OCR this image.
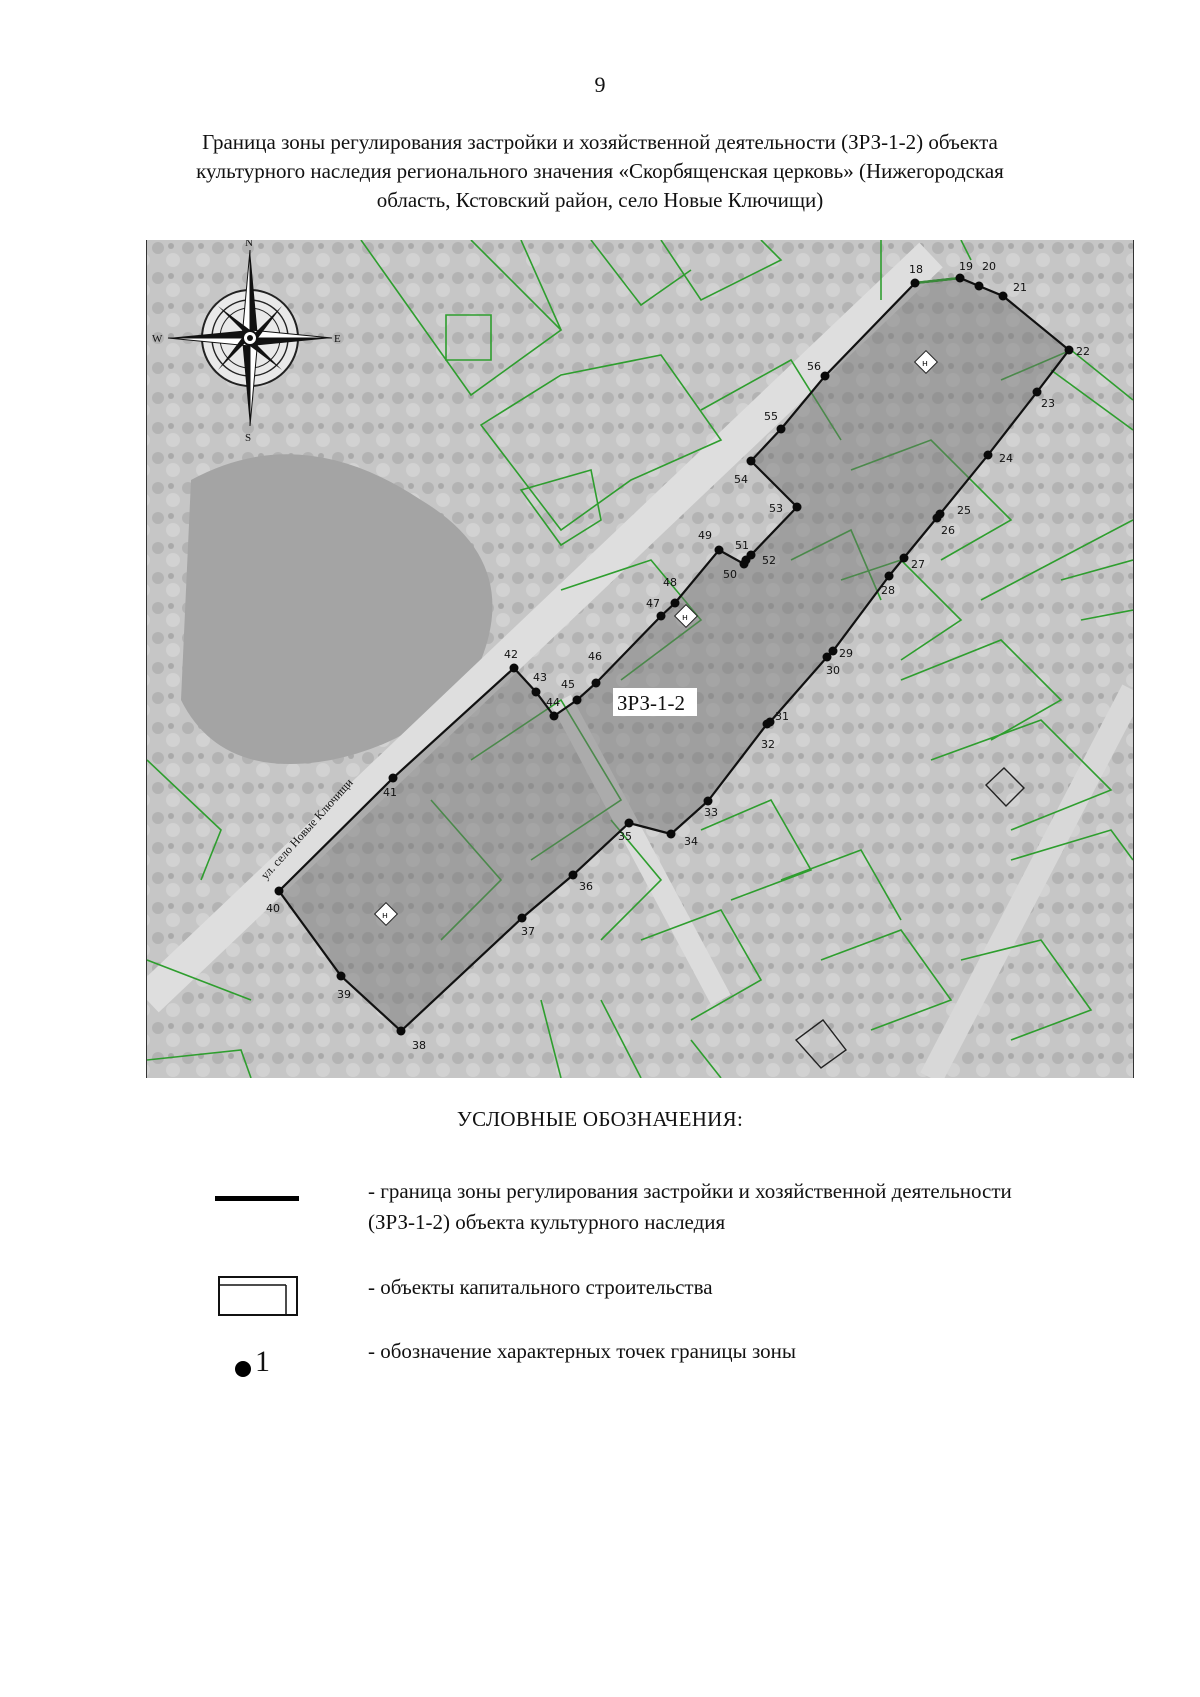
9
Граница зоны регулирования застройки и хозяйственной деятельности (ЗРЗ-1-2) объекта
культурного наследия регионального значения «Скорбященская церковь» (Нижегородская
область, Кстовский район, село Новые Ключищи)
18	19 20
21
22
23
24
25
26
27
28
29
30
31
32
33
34
35
36
37
38
39
40
41
42
43
44
45
46
47
48
49
50
51
52
53
54
55
56	н
н
н
ЗРЗ-1-2
ул. село Новые Ключищи
N
S
E
W
УСЛОВНЫЕ ОБОЗНАЧЕНИЯ:
- граница зоны регулирования застройки и хозяйственной деятельности
(ЗРЗ-1-2) объекта культурного наследия
- объекты капитального строительства
- обозначение характерных точек границы зоны
1
